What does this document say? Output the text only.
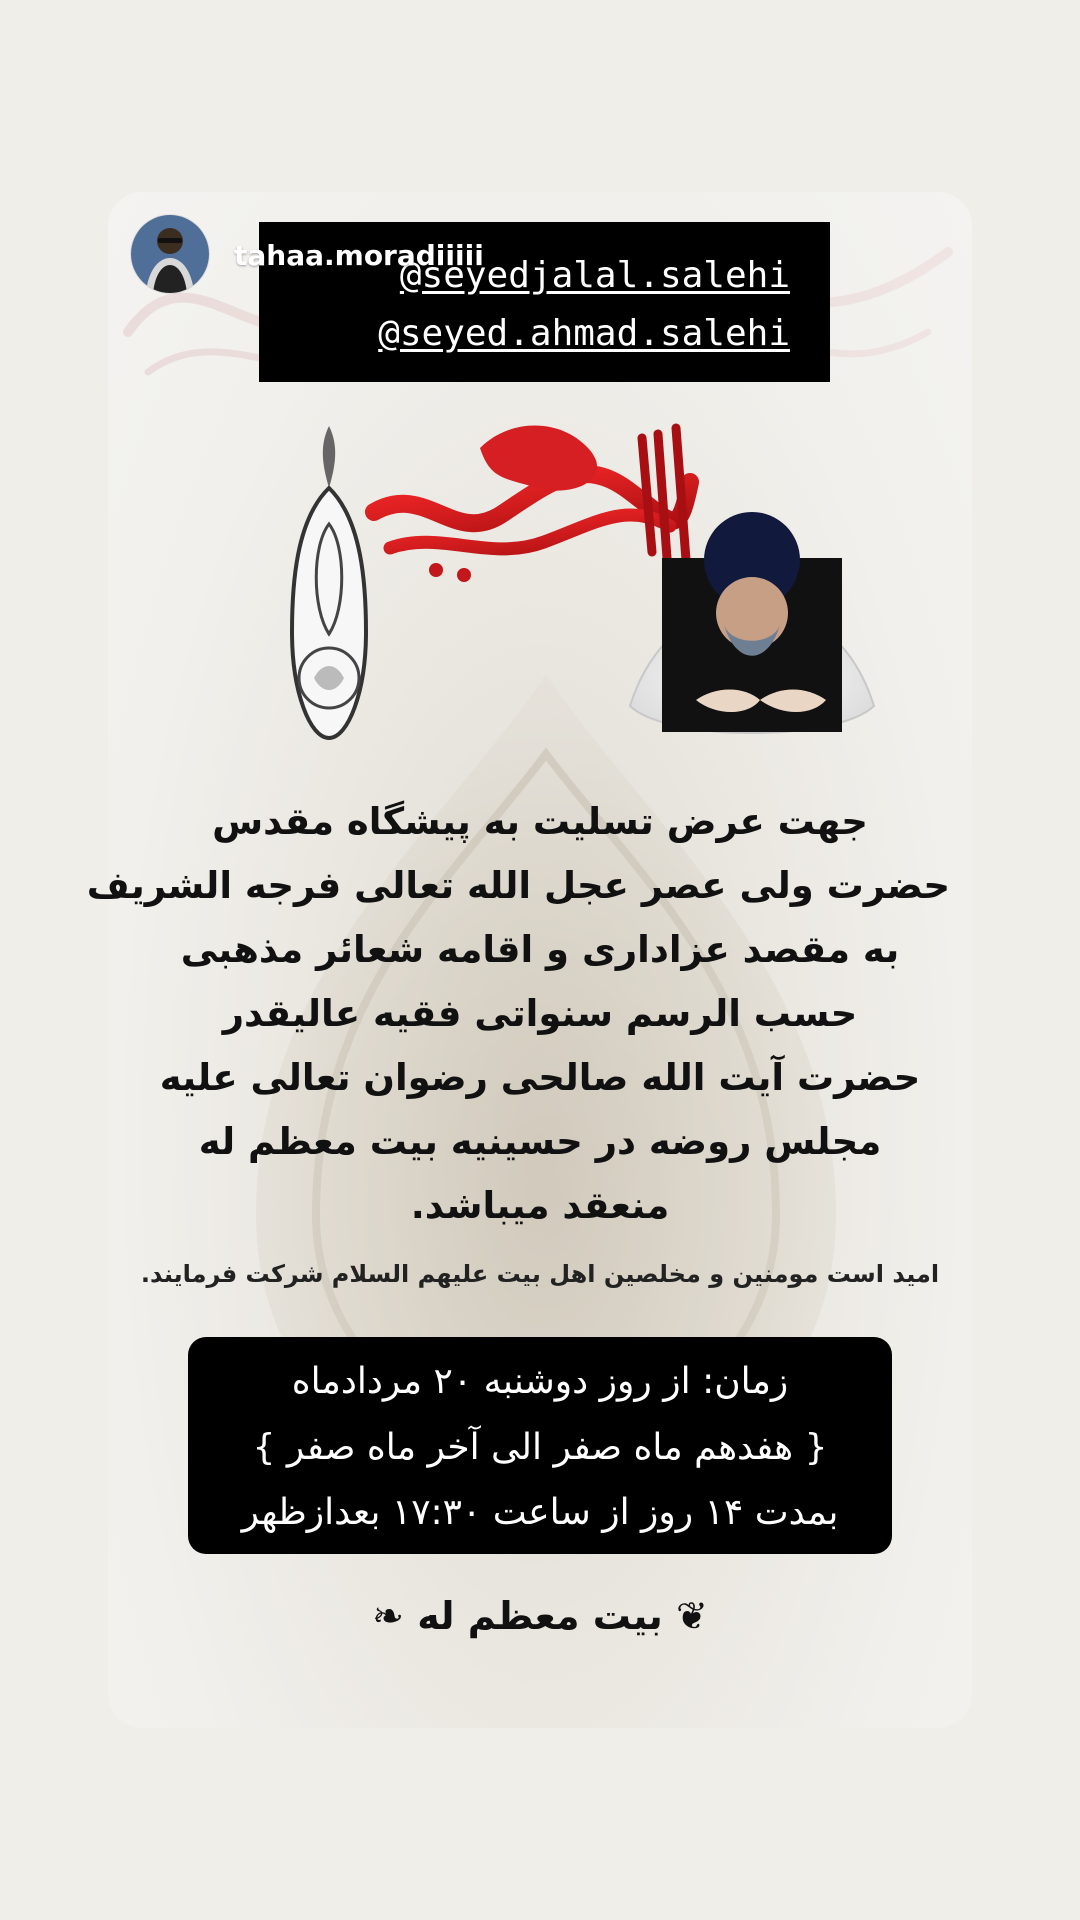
tahaa.moradiiiii
@seyedjalal.salehi
@seyed.ahmad.salehi
جهت عرض تسلیت به پیشگاه مقدس
حضرت ولی عصر عجل الله تعالی فرجه الشریف
به مقصد عزاداری و اقامه شعائر مذهبی
حسب الرسم سنواتی فقیه عالیقدر
حضرت آیت الله صالحی رضوان تعالی علیه
مجلس روضه در حسینیه بیت معظم له
منعقد میباشد.
امید است مومنین و مخلصین اهل بیت علیهم السلام شرکت فرمایند.
زمان: از روز دوشنبه ۲۰ مردادماه
{ هفدهم ماه صفر الی آخر ماه صفر }
بمدت ۱۴ روز از ساعت ۱۷:۳۰ بعدازظهر
❦ بیت معظم له ❧
